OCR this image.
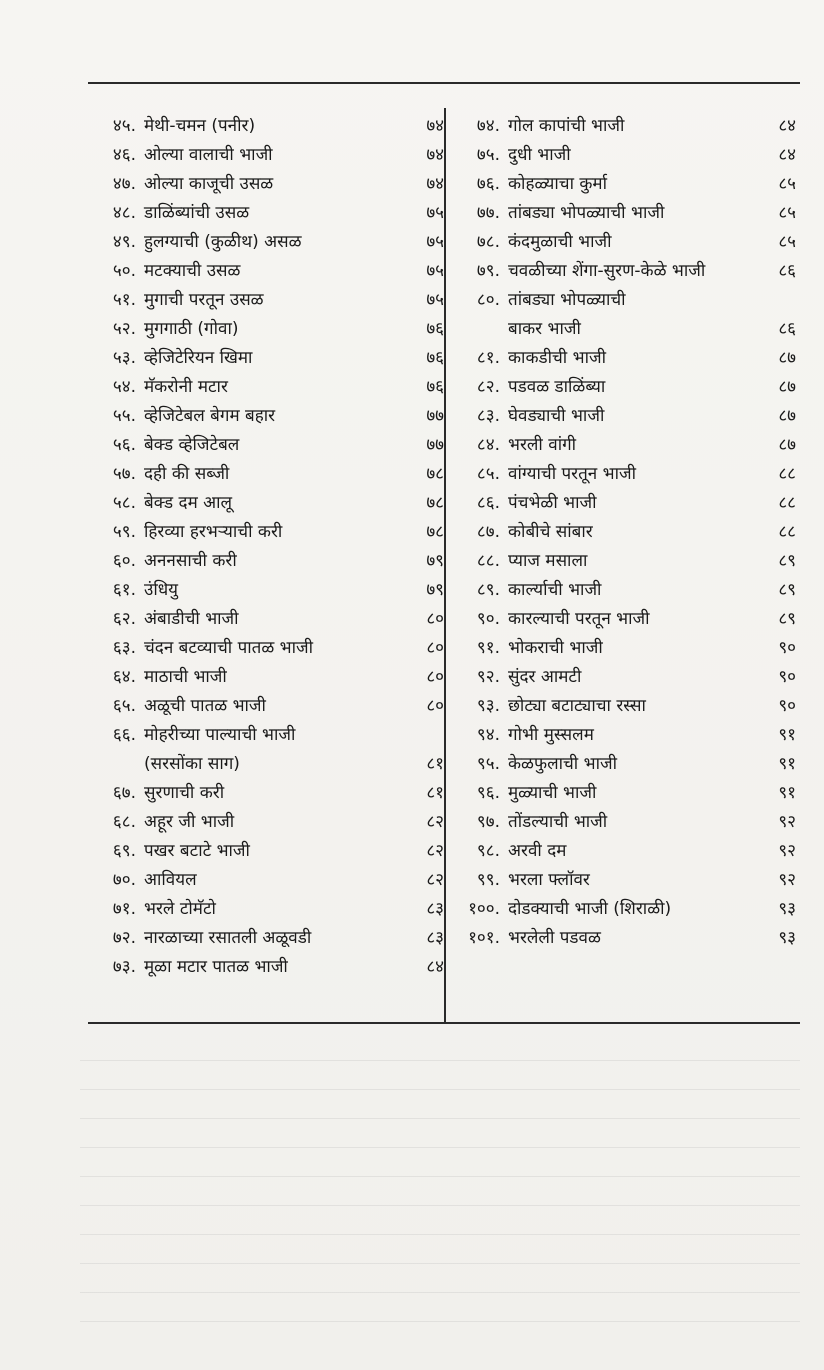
४५. मेथी-चमन (पनीर)	७४
४६. ओल्या वालाची भाजी	७४
४७. ओल्या काजूची उसळ	७४
४८. डाळिंब्यांची उसळ	७५
४९. हुलग्याची (कुळीथ) असळ	७५
५०. मटक्याची उसळ	७५
५१. मुगाची परतून उसळ	७५
५२. मुगगाठी (गोवा)	७६
५३. व्हेजिटेरियन खिमा	७६
५४. मॅकरोनी मटार	७६
५५. व्हेजिटेबल बेगम बहार	७७
५६. बेक्ड व्हेजिटेबल	७७
५७. दही की सब्जी	७८
५८. बेक्ड दम आलू	७८
५९. हिरव्या हरभऱ्याची करी	७८
६०. अननसाची करी	७९
६१. उंधियु	७९
६२. अंबाडीची भाजी	८०
६३. चंदन बटव्याची पातळ भाजी	८०
६४. माठाची भाजी	८०
६५. अळूची पातळ भाजी	८०
६६. मोहरीच्या पाल्याची भाजी
(सरसोंका साग)	८१
६७. सुरणाची करी	८१
६८. अहूर जी भाजी	८२
६९. पखर बटाटे भाजी	८२
७०. आवियल	८२
७१. भरले टोमॅटो	८३
७२. नारळाच्या रसातली अळूवडी	८३
७३. मूळा मटार पातळ भाजी	८४
७४. गोल कापांची भाजी	८४
७५. दुधी भाजी	८४
७६. कोहळ्याचा कुर्मा	८५
७७. तांबड्या भोपळ्याची भाजी	८५
७८. कंदमुळाची भाजी	८५
७९. चवळीच्या शेंगा-सुरण-केळे भाजी	८६
८०. तांबड्या भोपळ्याची
बाकर भाजी	८६
८१. काकडीची भाजी	८७
८२. पडवळ डाळिंब्या	८७
८३. घेवड्याची भाजी	८७
८४. भरली वांगी	८७
८५. वांग्याची परतून भाजी	८८
८६. पंचभेळी भाजी	८८
८७. कोबीचे सांबार	८८
८८. प्याज मसाला	८९
८९. कार्ल्याची भाजी	८९
९०. कारल्याची परतून भाजी	८९
९१. भोकराची भाजी	९०
९२. सुंदर आमटी	९०
९३. छोट्या बटाट्याचा रस्सा	९०
९४. गोभी मुस्सलम	९१
९५. केळफुलाची भाजी	९१
९६. मुळ्याची भाजी	९१
९७. तोंडल्याची भाजी	९२
९८. अरवी दम	९२
९९. भरला फ्लॉवर	९२
१००. दोडक्याची भाजी (शिराळी)	९३
१०१. भरलेली पडवळ	९३
